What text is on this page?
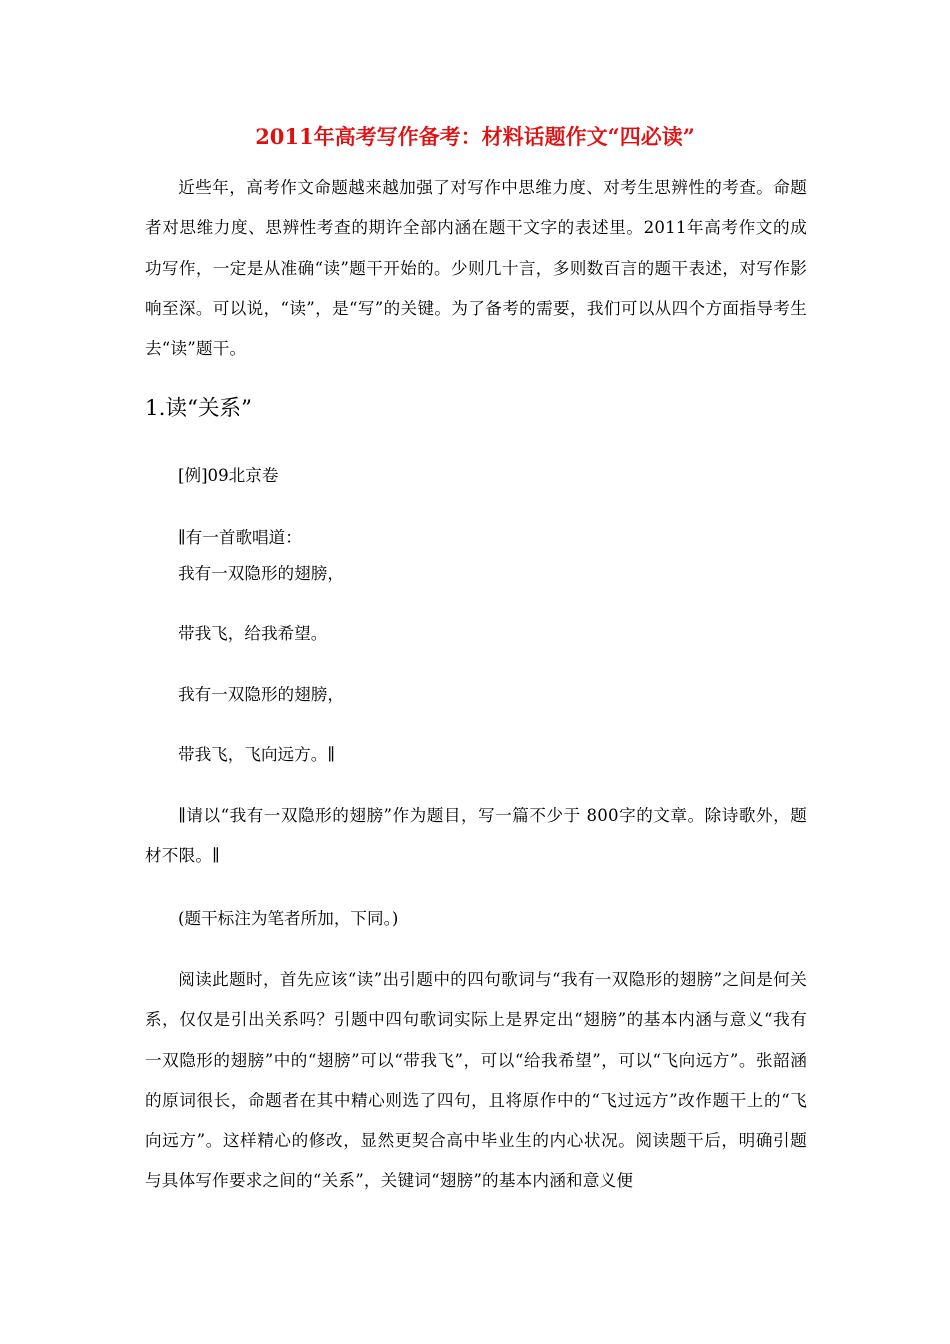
2011年高考写作备考：材料话题作文“四必读”

近些年，高考作文命题越来越加强了对写作中思维力度、对考生思辨性的考查。命题者对思维力度、思辨性考查的期许全部内涵在题干文字的表述里。2011年高考作文的成功写作，一定是从准确“读”题干开始的。少则几十言，多则数百言的题干表述，对写作影响至深。可以说，“读”，是“写”的关键。为了备考的需要，我们可以从四个方面指导考生去“读”题干。

1.读“关系”

[例]09北京卷

∥有一首歌唱道：

我有一双隐形的翅膀，

带我飞，给我希望。

我有一双隐形的翅膀，

带我飞，飞向远方。∥

∥请以“我有一双隐形的翅膀”作为题目，写一篇不少于 800字的文章。除诗歌外，题材不限。∥

(题干标注为笔者所加，下同。)

阅读此题时，首先应该“读”出引题中的四句歌词与“我有一双隐形的翅膀”之间是何关系，仅仅是引出关系吗？引题中四句歌词实际上是界定出“翅膀”的基本内涵与意义“我有一双隐形的翅膀”中的“翅膀”可以“带我飞”，可以“给我希望”，可以“飞向远方”。张韶涵的原词很长，命题者在其中精心则选了四句，且将原作中的“飞过远方”改作题干上的“飞向远方”。这样精心的修改，显然更契合高中毕业生的内心状况。阅读题干后，明确引题与具体写作要求之间的“关系”，关键词“翅膀”的基本内涵和意义便
